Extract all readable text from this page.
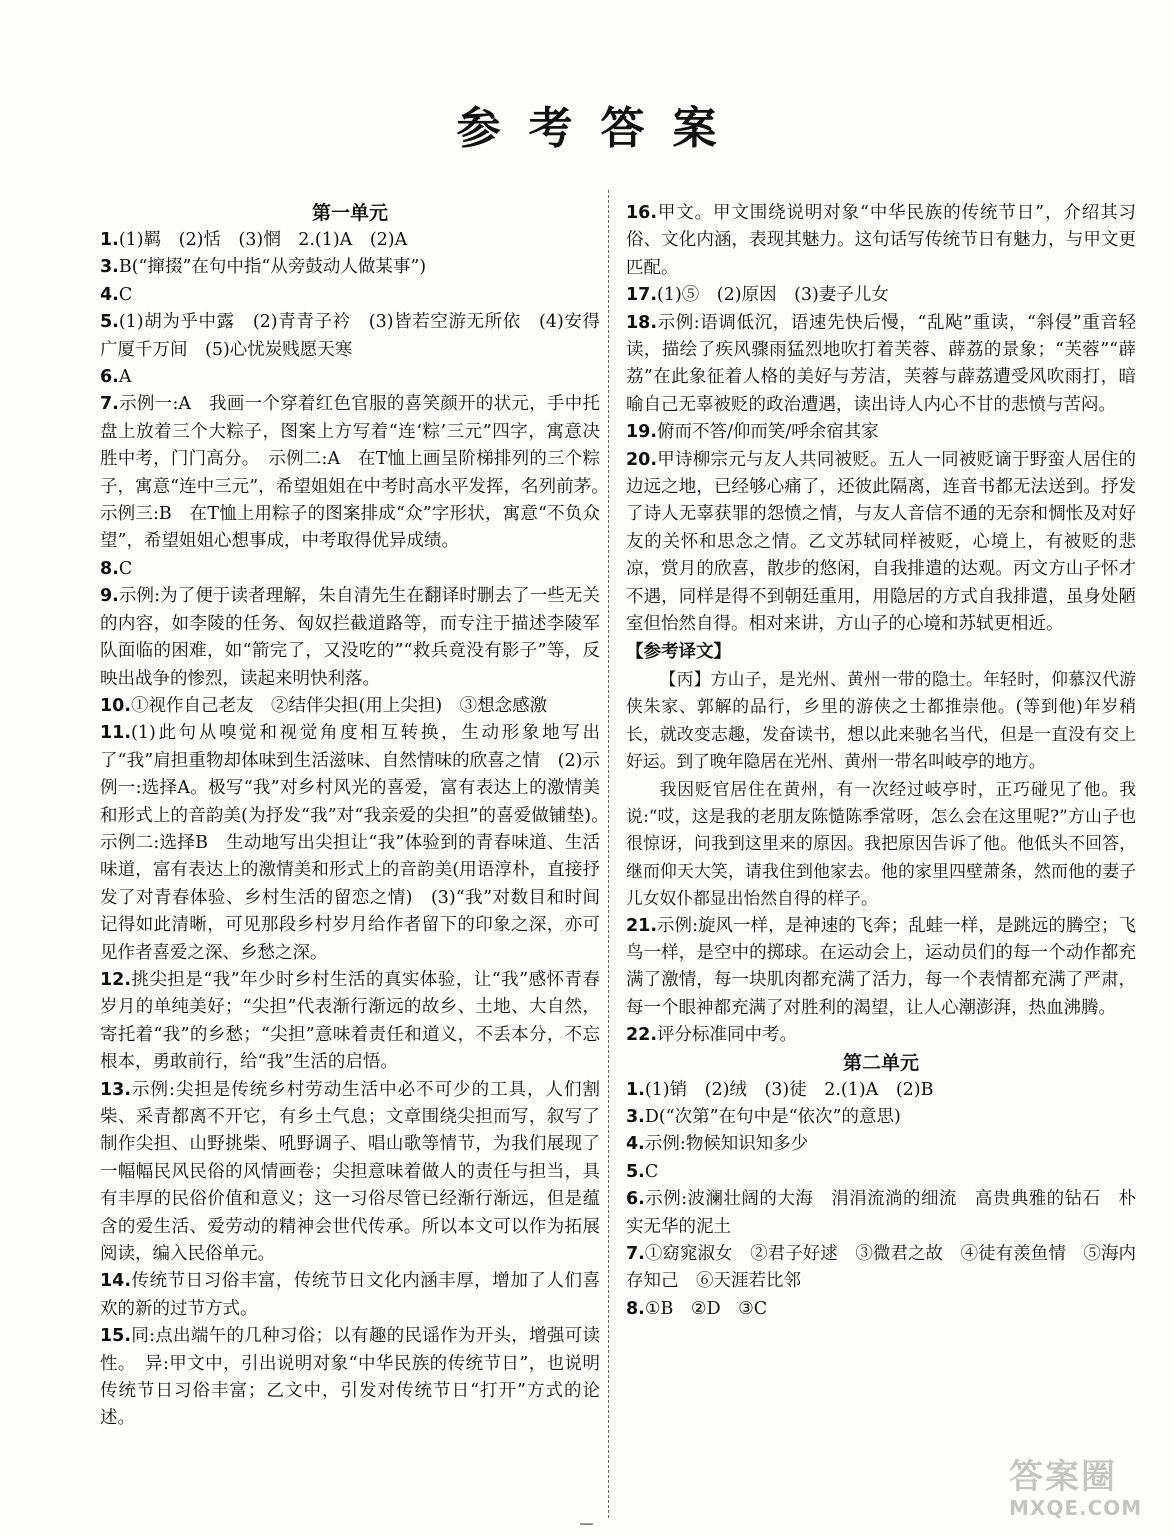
参考答案
第一单元

1.(1)羁　(2)恬　(3)惘　2.(1)A　(2)A

3.B(“撺掇”在句中指“从旁鼓动人做某事”)

4.C

5.(1)胡为乎中露　(2)青青子衿　(3)皆若空游无所依　(4)安得广厦千万间　(5)心忧炭贱愿天寒

6.A

7.示例一:A　我画一个穿着红色官服的喜笑颜开的状元，手中托盘上放着三个大粽子，图案上方写着“连‘粽’三元”四字，寓意决胜中考，门门高分。　示例二:A　在T恤上画呈阶梯排列的三个粽子，寓意“连中三元”，希望姐姐在中考时高水平发挥，名列前茅。　示例三:B　在T恤上用粽子的图案排成“众”字形状，寓意“不负众望”，希望姐姐心想事成，中考取得优异成绩。

8.C

9.示例:为了便于读者理解，朱自清先生在翻译时删去了一些无关的内容，如李陵的任务、匈奴拦截道路等，而专注于描述李陵军队面临的困难，如“箭完了，又没吃的”“救兵竟没有影子”等，反映出战争的惨烈，读起来明快利落。

10.①视作自己老友　②结伴尖担(用上尖担)　③想念感激

11.(1)此句从嗅觉和视觉角度相互转换，生动形象地写出了“我”肩担重物却体味到生活滋味、自然情味的欣喜之情　(2)示例一:选择A。极写“我”对乡村风光的喜爱，富有表达上的激情美和形式上的音韵美(为抒发“我”对“我亲爱的尖担”的喜爱做铺垫)。　示例二:选择B　生动地写出尖担让“我”体验到的青春味道、生活味道，富有表达上的激情美和形式上的音韵美(用语淳朴，直接抒发了对青春体验、乡村生活的留恋之情)　(3)“我”对数目和时间记得如此清晰，可见那段乡村岁月给作者留下的印象之深，亦可见作者喜爱之深、乡愁之深。

12.挑尖担是“我”年少时乡村生活的真实体验，让“我”感怀青春岁月的单纯美好；“尖担”代表渐行渐远的故乡、土地、大自然，寄托着“我”的乡愁；“尖担”意味着责任和道义，不丢本分，不忘根本，勇敢前行，给“我”生活的启悟。

13.示例:尖担是传统乡村劳动生活中必不可少的工具，人们割柴、采青都离不开它，有乡土气息；文章围绕尖担而写，叙写了制作尖担、山野挑柴、吼野调子、唱山歌等情节，为我们展现了一幅幅民风民俗的风情画卷；尖担意味着做人的责任与担当，具有丰厚的民俗价值和意义；这一习俗尽管已经渐行渐远，但是蕴含的爱生活、爱劳动的精神会世代传承。所以本文可以作为拓展阅读，编入民俗单元。

14.传统节日习俗丰富，传统节日文化内涵丰厚，增加了人们喜欢的新的过节方式。

15.同:点出端午的几种习俗；以有趣的民谣作为开头，增强可读性。　异:甲文中，引出说明对象“中华民族的传统节日”，也说明传统节日习俗丰富；乙文中，引发对传统节日“打开”方式的论述。

16.甲文。甲文围绕说明对象“中华民族的传统节日”，介绍其习俗、文化内涵，表现其魅力。这句话写传统节日有魅力，与甲文更匹配。

17.(1)⑤　(2)原因　(3)妻子儿女

18.示例:语调低沉，语速先快后慢，“乱飐”重读，“斜侵”重音轻读，描绘了疾风骤雨猛烈地吹打着芙蓉、薜荔的景象；“芙蓉”“薜荔”在此象征着人格的美好与芳洁，芙蓉与薜荔遭受风吹雨打，暗喻自己无辜被贬的政治遭遇，读出诗人内心不甘的悲愤与苦闷。

19.俯而不答/仰而笑/呼余宿其家

20.甲诗柳宗元与友人共同被贬。五人一同被贬谪于野蛮人居住的边远之地，已经够心痛了，还彼此隔离，连音书都无法送到。抒发了诗人无辜获罪的怨愤之情，与友人音信不通的无奈和惆怅及对好友的关怀和思念之情。乙文苏轼同样被贬，心境上，有被贬的悲凉，赏月的欣喜，散步的悠闲，自我排遣的达观。丙文方山子怀才不遇，同样是得不到朝廷重用，用隐居的方式自我排遣，虽身处陋室但怡然自得。相对来讲，方山子的心境和苏轼更相近。

【参考译文】

【丙】方山子，是光州、黄州一带的隐士。年轻时，仰慕汉代游侠朱家、郭解的品行，乡里的游侠之士都推崇他。(等到他)年岁稍长，就改变志趣，发奋读书，想以此来驰名当代，但是一直没有交上好运。到了晚年隐居在光州、黄州一带名叫岐亭的地方。

我因贬官居住在黄州，有一次经过岐亭时，正巧碰见了他。我说:“哎，这是我的老朋友陈慥陈季常呀，怎么会在这里呢?”方山子也很惊讶，问我到这里来的原因。我把原因告诉了他。他低头不回答，继而仰天大笑，请我住到他家去。他的家里四壁萧条，然而他的妻子儿女奴仆都显出怡然自得的样子。

21.示例:旋风一样，是神速的飞奔；乱蛙一样，是跳远的腾空；飞鸟一样，是空中的掷球。在运动会上，运动员们的每一个动作都充满了激情，每一块肌肉都充满了活力，每一个表情都充满了严肃，每一个眼神都充满了对胜利的渴望，让人心潮澎湃，热血沸腾。

22.评分标准同中考。

第二单元

1.(1)销　(2)绒　(3)徒　2.(1)A　(2)B

3.D(“次第”在句中是“依次”的意思)

4.示例:物候知识知多少

5.C

6.示例:波澜壮阔的大海　涓涓流淌的细流　高贵典雅的钻石　朴实无华的泥土

7.①窈窕淑女　②君子好逑　③微君之故　④徒有羡鱼情　⑤海内存知己　⑥天涯若比邻

8.①B　②D　③C

—
答案圈
MXQE.COM
